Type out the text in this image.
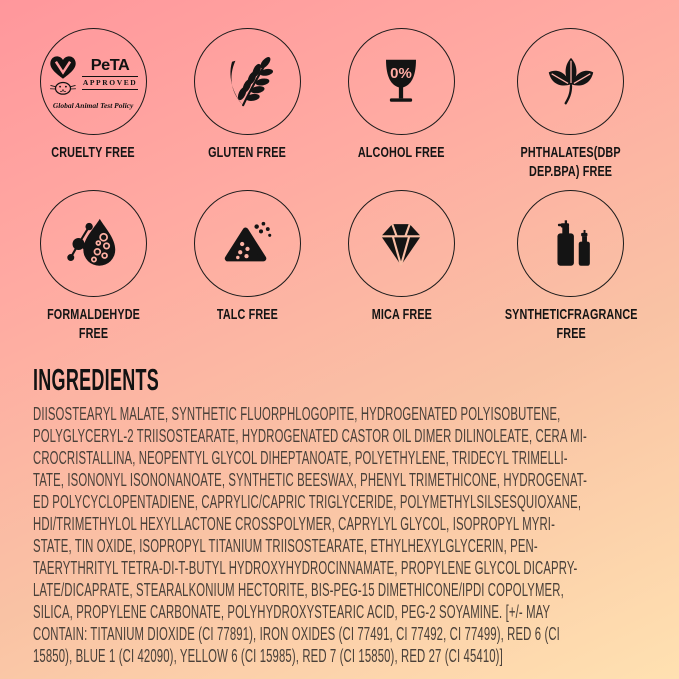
PeTA
APPROVED
Global Animal Test Policy
CRUELTY FREE	GLUTEN FREE
0%
ALCOHOL FREE	PHTHALATES(DBP
DEP.BPA) FREE
FORMALDEHYDE
FREE
TALC FREE	MICA FREE	SYNTHETICFRAGRANCE
FREE
INGREDIENTS
DIISOSTEARYL MALATE, SYNTHETIC FLUORPHLOGOPITE, HYDROGENATED POLYISOBUTENE,
POLYGLYCERYL-2 TRIISOSTEARATE, HYDROGENATED CASTOR OIL DIMER DILINOLEATE, CERA MI-
CROCRISTALLINA, NEOPENTYL GLYCOL DIHEPTANOATE, POLYETHYLENE, TRIDECYL TRIMELLI-
TATE, ISONONYL ISONONANOATE, SYNTHETIC BEESWAX, PHENYL TRIMETHICONE, HYDROGENAT-
ED POLYCYCLOPENTADIENE, CAPRYLIC/CAPRIC TRIGLYCERIDE, POLYMETHYLSILSESQUIOXANE,
HDI/TRIMETHYLOL HEXYLLACTONE CROSSPOLYMER, CAPRYLYL GLYCOL, ISOPROPYL MYRI-
STATE, TIN OXIDE, ISOPROPYL TITANIUM TRIISOSTEARATE, ETHYLHEXYLGLYCERIN, PEN-
TAERYTHRITYL TETRA-DI-T-BUTYL HYDROXYHYDROCINNAMATE, PROPYLENE GLYCOL DICAPRY-
LATE/DICAPRATE, STEARALKONIUM HECTORITE, BIS-PEG-15 DIMETHICONE/IPDI COPOLYMER,
SILICA, PROPYLENE CARBONATE, POLYHYDROXYSTEARIC ACID, PEG-2 SOYAMINE. [+/- MAY
CONTAIN: TITANIUM DIOXIDE (CI 77891), IRON OXIDES (CI 77491, CI 77492, CI 77499), RED 6 (CI
15850), BLUE 1 (CI 42090), YELLOW 6 (CI 15985), RED 7 (CI 15850), RED 27 (CI 45410)]
